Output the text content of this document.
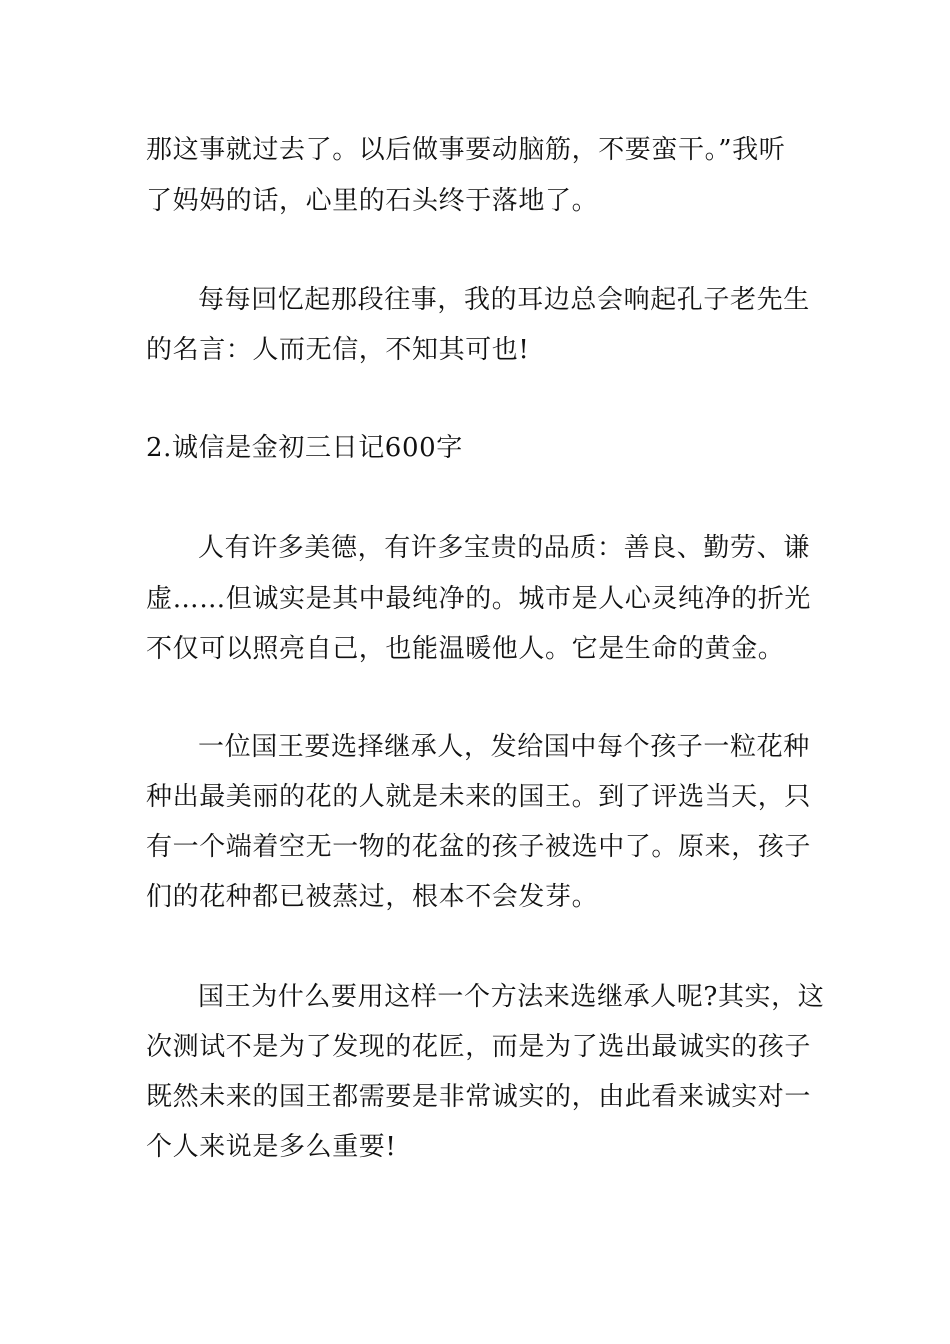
那这事就过去了。以后做事要动脑筋，不要蛮干。”我听
了妈妈的话，心里的石头终于落地了。
每每回忆起那段往事，我的耳边总会响起孔子老先生
的名言：人而无信，不知其可也!
2.诚信是金初三日记600字
人有许多美德，有许多宝贵的品质：善良、勤劳、谦
虚……但诚实是其中最纯净的。城市是人心灵纯净的折光
不仅可以照亮自己，也能温暖他人。它是生命的黄金。
一位国王要选择继承人，发给国中每个孩子一粒花种
种出最美丽的花的人就是未来的国王。到了评选当天，只
有一个端着空无一物的花盆的孩子被选中了。原来，孩子
们的花种都已被蒸过，根本不会发芽。
国王为什么要用这样一个方法来选继承人呢?其实，这
次测试不是为了发现的花匠，而是为了选出最诚实的孩子
既然未来的国王都需要是非常诚实的，由此看来诚实对一
个人来说是多么重要!
